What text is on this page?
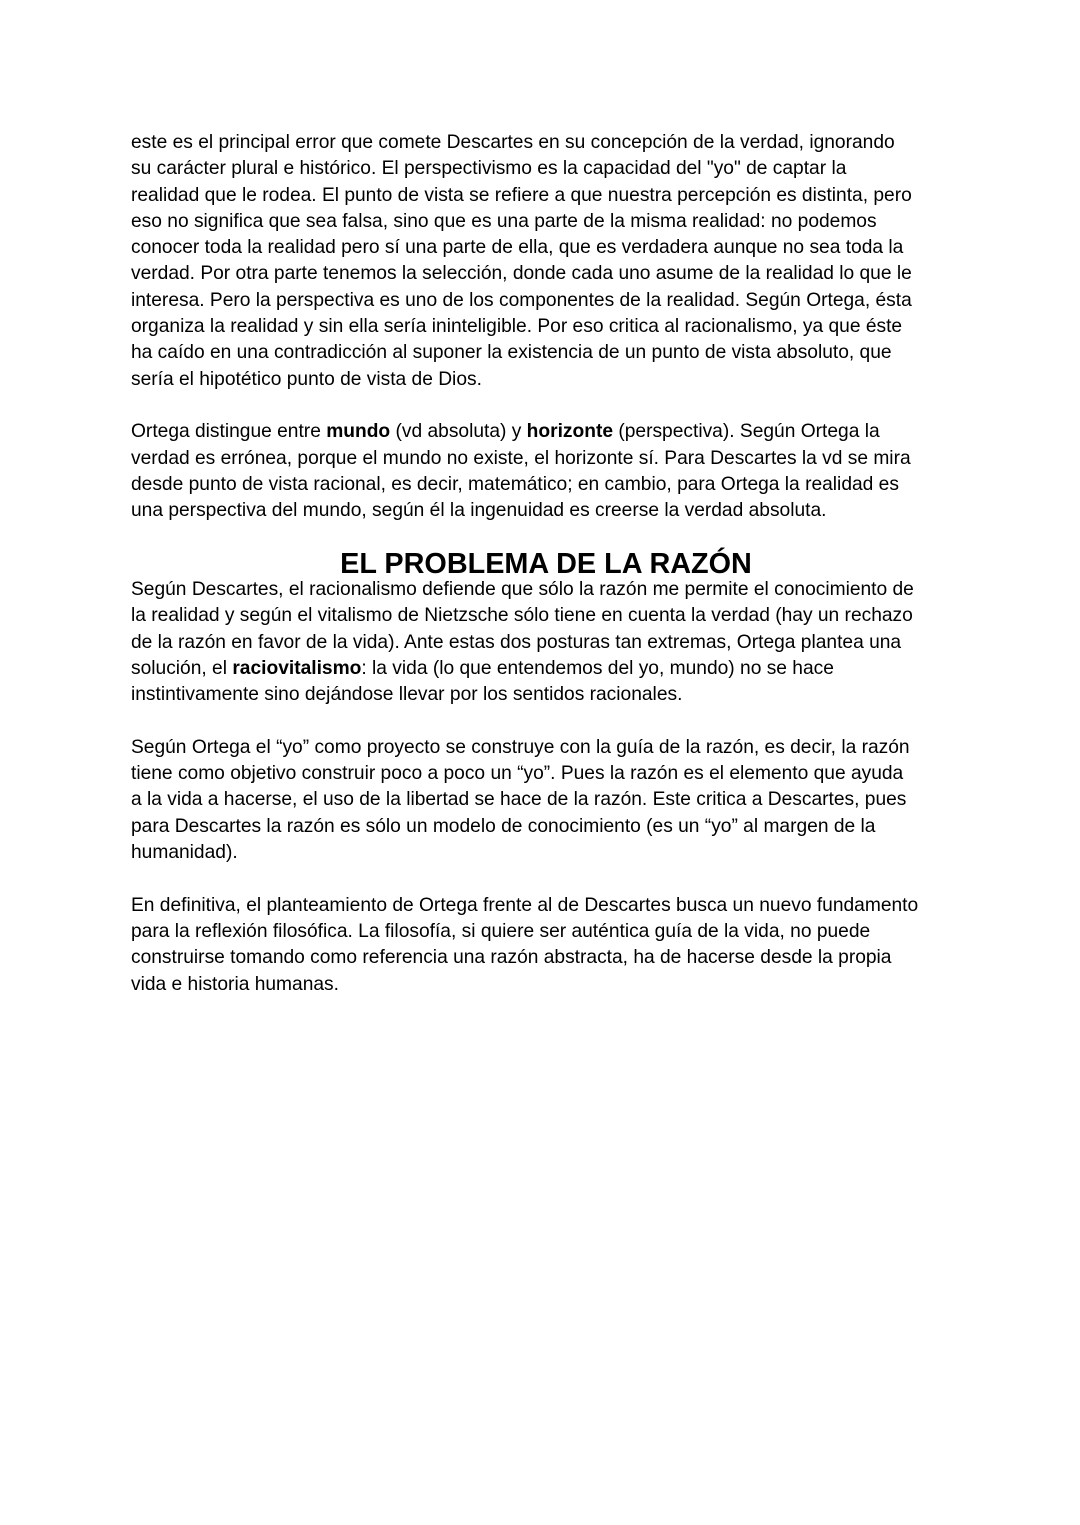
este es el principal error que comete Descartes en su concepción de la verdad, ignorando
su carácter plural e histórico. El perspectivismo es la capacidad del "yo" de captar la
realidad que le rodea. El punto de vista se refiere a que nuestra percepción es distinta, pero
eso no significa que sea falsa, sino que es una parte de la misma realidad: no podemos
conocer toda la realidad pero sí una parte de ella, que es verdadera aunque no sea toda la
verdad. Por otra parte tenemos la selección, donde cada uno asume de la realidad lo que le
interesa. Pero la perspectiva es uno de los componentes de la realidad. Según Ortega, ésta
organiza la realidad y sin ella sería ininteligible. Por eso critica al racionalismo, ya que éste
ha caído en una contradicción al suponer la existencia de un punto de vista absoluto, que
sería el hipotético punto de vista de Dios.

Ortega distingue entre mundo (vd absoluta) y horizonte (perspectiva). Según Ortega la
verdad es errónea, porque el mundo no existe, el horizonte sí. Para Descartes la vd se mira
desde punto de vista racional, es decir, matemático; en cambio, para Ortega la realidad es
una perspectiva del mundo, según él la ingenuidad es creerse la verdad absoluta.

EL PROBLEMA DE LA RAZÓN

Según Descartes, el racionalismo defiende que sólo la razón me permite el conocimiento de
la realidad y según el vitalismo de Nietzsche sólo tiene en cuenta la verdad (hay un rechazo
de la razón en favor de la vida). Ante estas dos posturas tan extremas, Ortega plantea una
solución, el raciovitalismo: la vida (lo que entendemos del yo, mundo) no se hace
instintivamente sino dejándose llevar por los sentidos racionales.

Según Ortega el “yo” como proyecto se construye con la guía de la razón, es decir, la razón
tiene como objetivo construir poco a poco un “yo”. Pues la razón es el elemento que ayuda
a la vida a hacerse, el uso de la libertad se hace de la razón. Este critica a Descartes, pues
para Descartes la razón es sólo un modelo de conocimiento (es un “yo” al margen de la
humanidad).

En definitiva, el planteamiento de Ortega frente al de Descartes busca un nuevo fundamento
para la reflexión filosófica. La filosofía, si quiere ser auténtica guía de la vida, no puede
construirse tomando como referencia una razón abstracta, ha de hacerse desde la propia
vida e historia humanas.
